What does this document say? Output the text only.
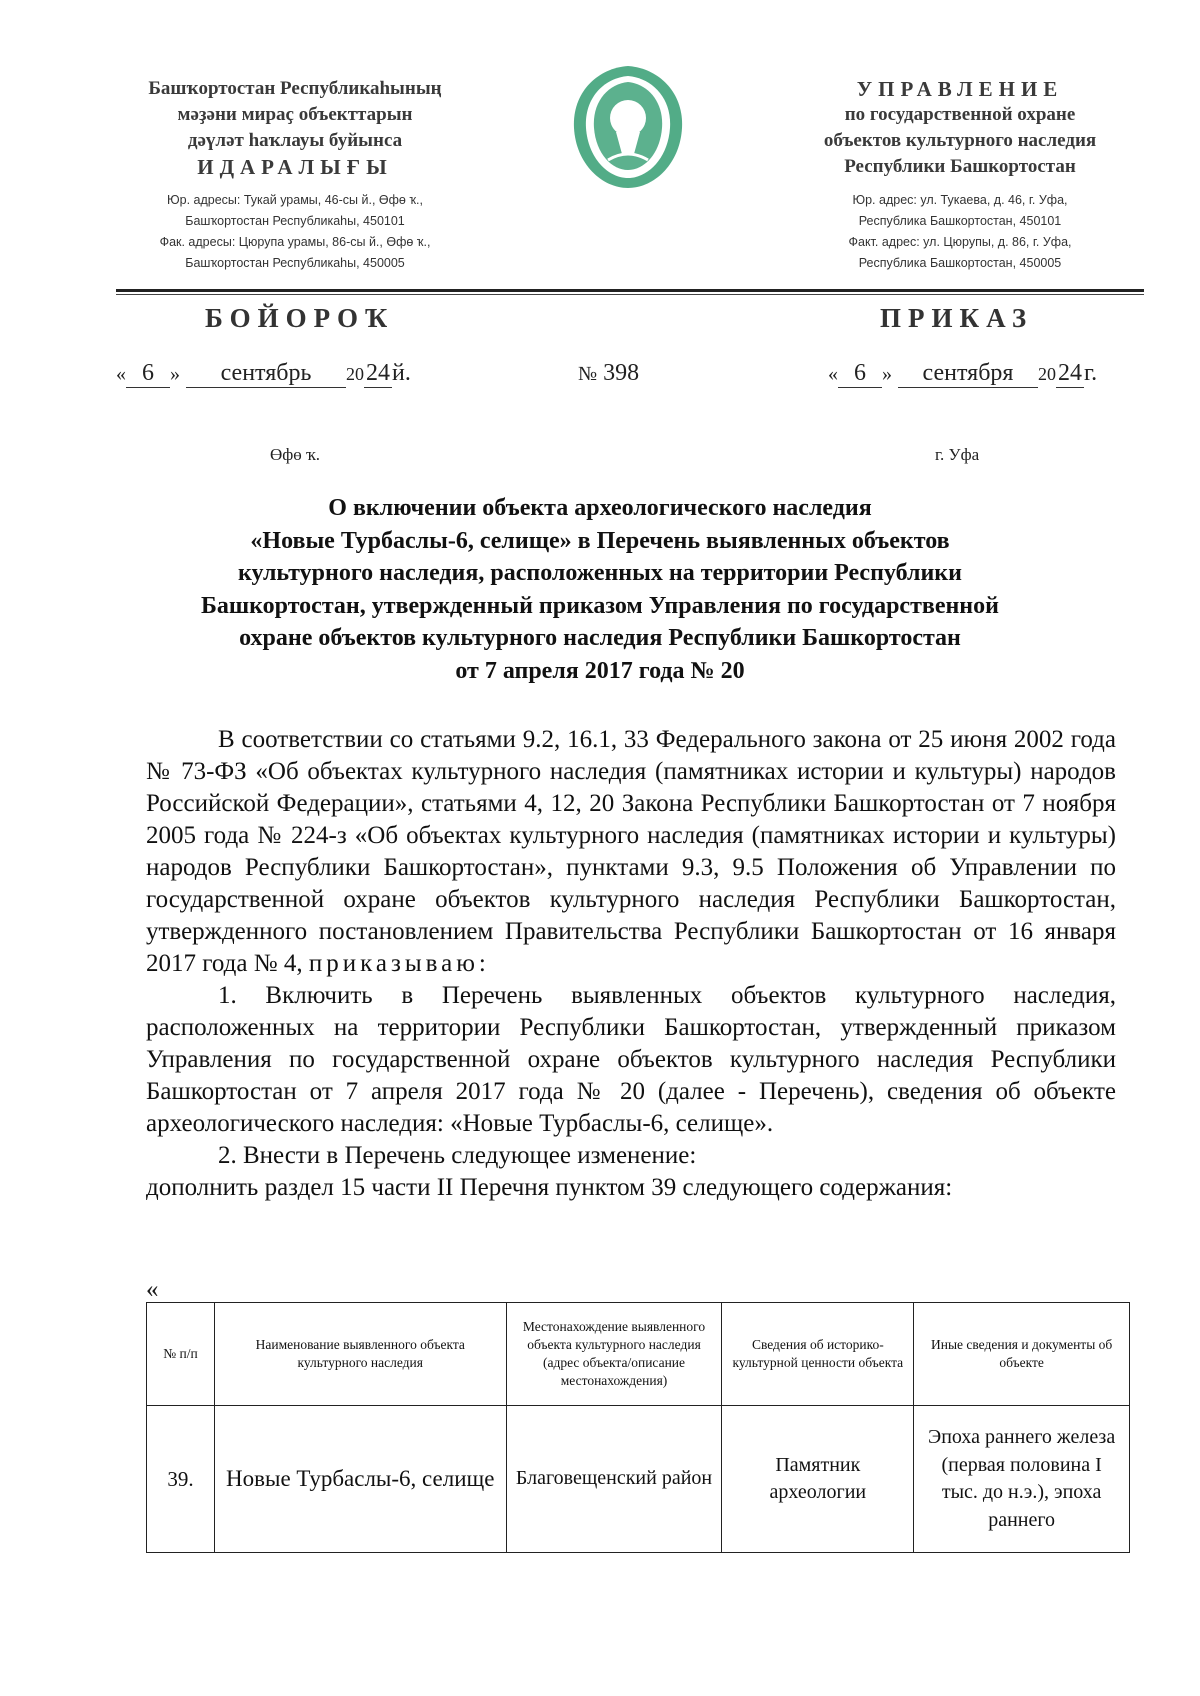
Башҡортостан Республикаһының
мәҙәни мираҫ объекттарын
дәүләт һаҡлауы буйынса
ИДАРАЛЫҒЫ
Юр. адресы: Тукай урамы, 46-сы й., Өфө ҡ.,
Башҡортостан Республикаһы, 450101
Фак. адресы: Цюрупа урамы, 86-сы й., Өфө ҡ.,
Башҡортостан Республикаһы, 450005
УПРАВЛЕНИЕ
по государственной охране
объектов культурного наследия
Республики Башкортостан
Юр. адрес: ул. Тукаева, д. 46, г. Уфа,
Республика Башкортостан, 450101
Факт. адрес: ул. Цюрупы, д. 86, г. Уфа,
Республика Башкортостан, 450005
БОЙОРОҠ	ПРИКАЗ
« 6 » сентябрь 2024й.	№ 398	« 6 » сентября 2024г.
Өфө ҡ.	г. Уфа
О включении объекта археологического наследия
«Новые Турбаслы-6, селище» в Перечень выявленных объектов
культурного наследия, расположенных на территории Республики
Башкортостан, утвержденный приказом Управления по государственной
охране объектов культурного наследия Республики Башкортостан
от 7 апреля 2017 года № 20

В соответствии со статьями 9.2, 16.1, 33 Федерального закона от 25 июня 2002 года № 73-ФЗ «Об объектах культурного наследия (памятниках истории и культуры) народов Российской Федерации», статьями 4, 12, 20 Закона Республики Башкортостан от 7 ноября 2005 года № 224-з «Об объектах культурного наследия (памятниках истории и культуры) народов Республики Башкортостан», пунктами 9.3, 9.5 Положения об Управлении по государственной охране объектов культурного наследия Республики Башкортостан, утвержденного постановлением Правительства Республики Башкортостан от 16 января 2017 года № 4, приказываю:

1. Включить в Перечень выявленных объектов культурного наследия, расположенных на территории Республики Башкортостан, утвержденный приказом Управления по государственной охране объектов культурного наследия Республики Башкортостан от 7 апреля 2017 года № 20 (далее - Перечень), сведения об объекте археологического наследия: «Новые Турбаслы-6, селище».

2. Внести в Перечень следующее изменение:

дополнить раздел 15 части II Перечня пунктом 39 следующего содержания:

«
№ п/п	Наименование выявленного объекта культурного наследия	Местонахождение выявленного объекта культурного наследия (адрес объекта/описание местонахождения)	Сведения об историко-культурной ценности объекта	Иные сведения и документы об объекте
39.	Новые Турбаслы-6, селище	Благовещенский район	Памятник археологии	Эпоха раннего железа (первая половина I тыс. до н.э.), эпоха раннего
